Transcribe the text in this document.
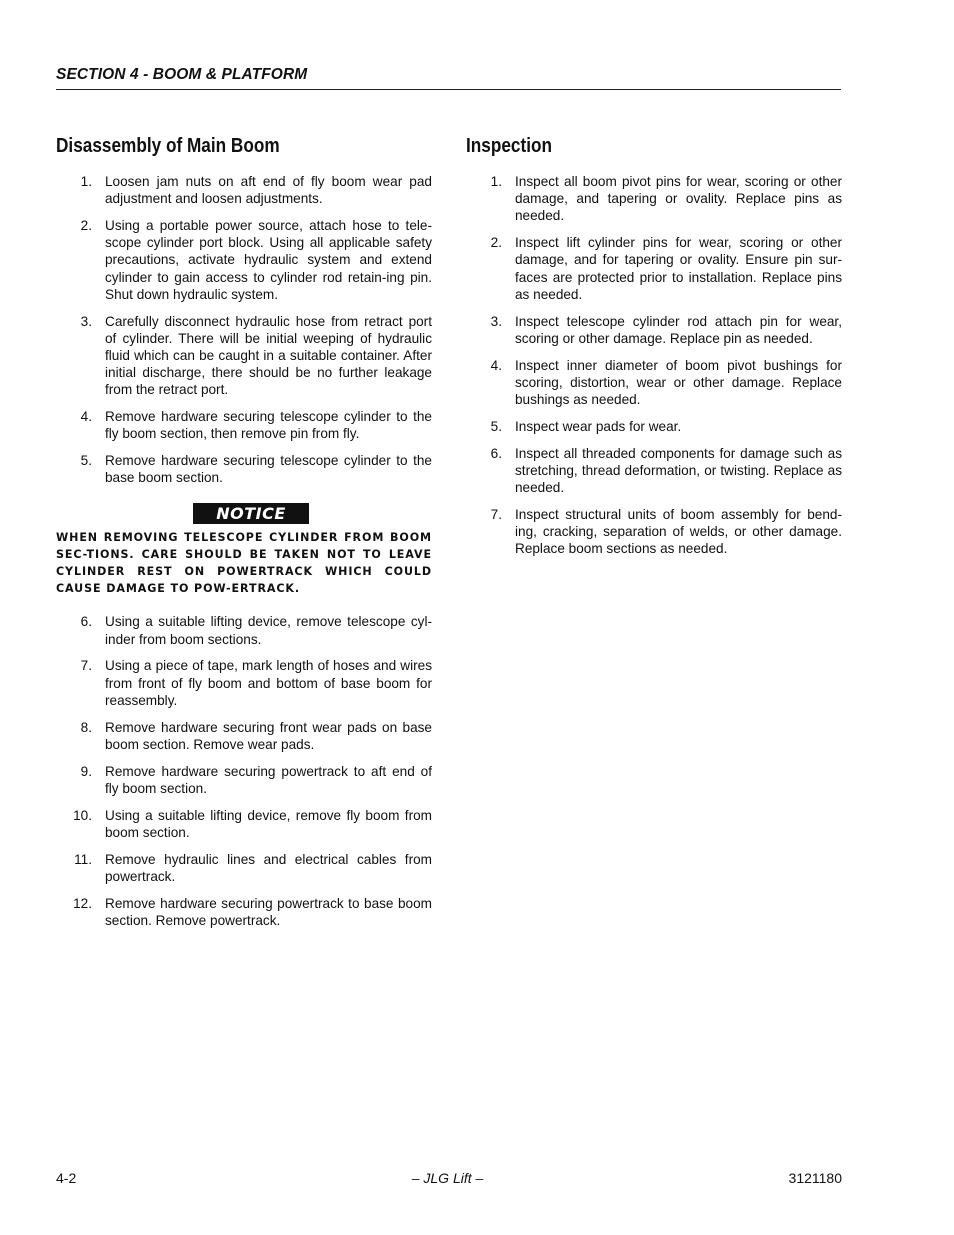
SECTION 4 - BOOM & PLATFORM
Disassembly of Main Boom
1. Loosen jam nuts on aft end of fly boom wear pad adjustment and loosen adjustments.
2. Using a portable power source, attach hose to tele-scope cylinder port block. Using all applicable safety precautions, activate hydraulic system and extend cylinder to gain access to cylinder rod retain-ing pin. Shut down hydraulic system.
3. Carefully disconnect hydraulic hose from retract port of cylinder. There will be initial weeping of hydraulic fluid which can be caught in a suitable container. After initial discharge, there should be no further leakage from the retract port.
4. Remove hardware securing telescope cylinder to the fly boom section, then remove pin from fly.
5. Remove hardware securing telescope cylinder to the base boom section.
NOTICE

WHEN REMOVING TELESCOPE CYLINDER FROM BOOM SEC-TIONS. CARE SHOULD BE TAKEN NOT TO LEAVE CYLINDER REST ON POWERTRACK WHICH COULD CAUSE DAMAGE TO POW-ERTRACK.

6. Using a suitable lifting device, remove telescope cyl-inder from boom sections.
7. Using a piece of tape, mark length of hoses and wires from front of fly boom and bottom of base boom for reassembly.
8. Remove hardware securing front wear pads on base boom section. Remove wear pads.
9. Remove hardware securing powertrack to aft end of fly boom section.
10. Using a suitable lifting device, remove fly boom from boom section.
11. Remove hydraulic lines and electrical cables from powertrack.
12. Remove hardware securing powertrack to base boom section. Remove powertrack.
Inspection
1. Inspect all boom pivot pins for wear, scoring or other damage, and tapering or ovality. Replace pins as needed.
2. Inspect lift cylinder pins for wear, scoring or other damage, and for tapering or ovality. Ensure pin sur-faces are protected prior to installation. Replace pins as needed.
3. Inspect telescope cylinder rod attach pin for wear, scoring or other damage. Replace pin as needed.
4. Inspect inner diameter of boom pivot bushings for scoring, distortion, wear or other damage. Replace bushings as needed.
5. Inspect wear pads for wear.
6. Inspect all threaded components for damage such as stretching, thread deformation, or twisting. Replace as needed.
7. Inspect structural units of boom assembly for bend-ing, cracking, separation of welds, or other damage. Replace boom sections as needed.
4-2	– JLG Lift –	3121180
